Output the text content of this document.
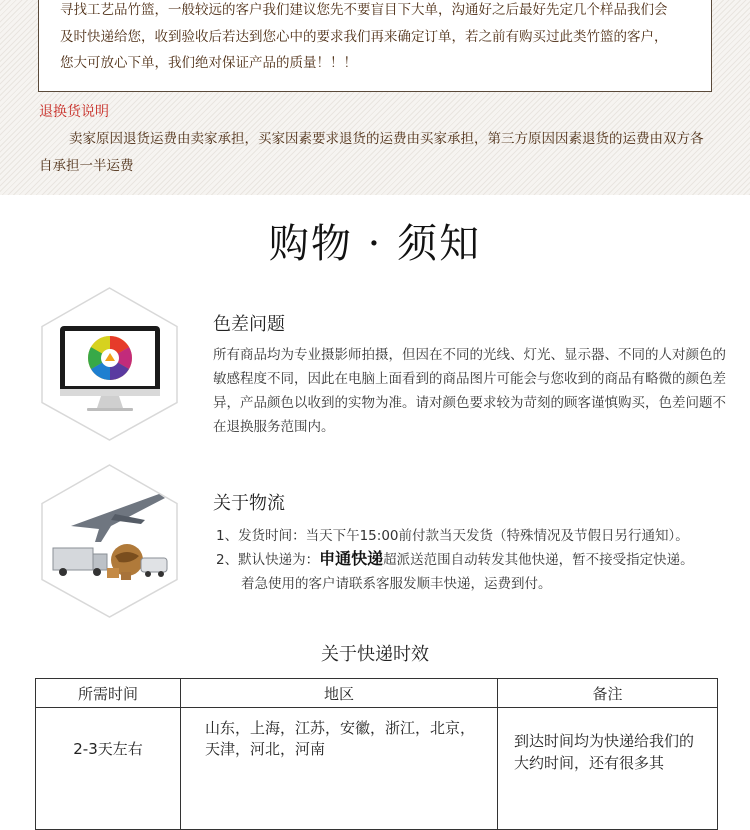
寻找工艺品竹篮，一般较远的客户我们建议您先不要盲目下大单，沟通好之后最好先定几个样品我们会
及时快递给您，收到验收后若达到您心中的要求我们再来确定订单，若之前有购买过此类竹篮的客户，
您大可放心下单，我们绝对保证产品的质量！！！
退换货说明
卖家原因退货运费由卖家承担，买家因素要求退货的运费由买家承担，第三方原因因素退货的运费由双方各自承担一半运费
购物 · 须知
色差问题
所有商品均为专业摄影师拍摄，但因在不同的光线、灯光、显示器、不同的人对颜色的敏感程度不同，因此在电脑上面看到的商品图片可能会与您收到的商品有略微的颜色差异，产品颜色以收到的实物为准。请对颜色要求较为苛刻的顾客谨慎购买，色差问题不在退换服务范围内。
关于物流
1、发货时间：当天下午15:00前付款当天发货（特殊情况及节假日另行通知）。
2、默认快递为：申通快递超派送范围自动转发其他快递，暂不接受指定快递。
着急使用的客户请联系客服发顺丰快递，运费到付。
关于快递时效
所需时间	地区	备注
2-3天左右	山东，上海，江苏，安徽，浙江，北京，天津，河北，河南	到达时间均为快递给我们的大约时间，还有很多其
